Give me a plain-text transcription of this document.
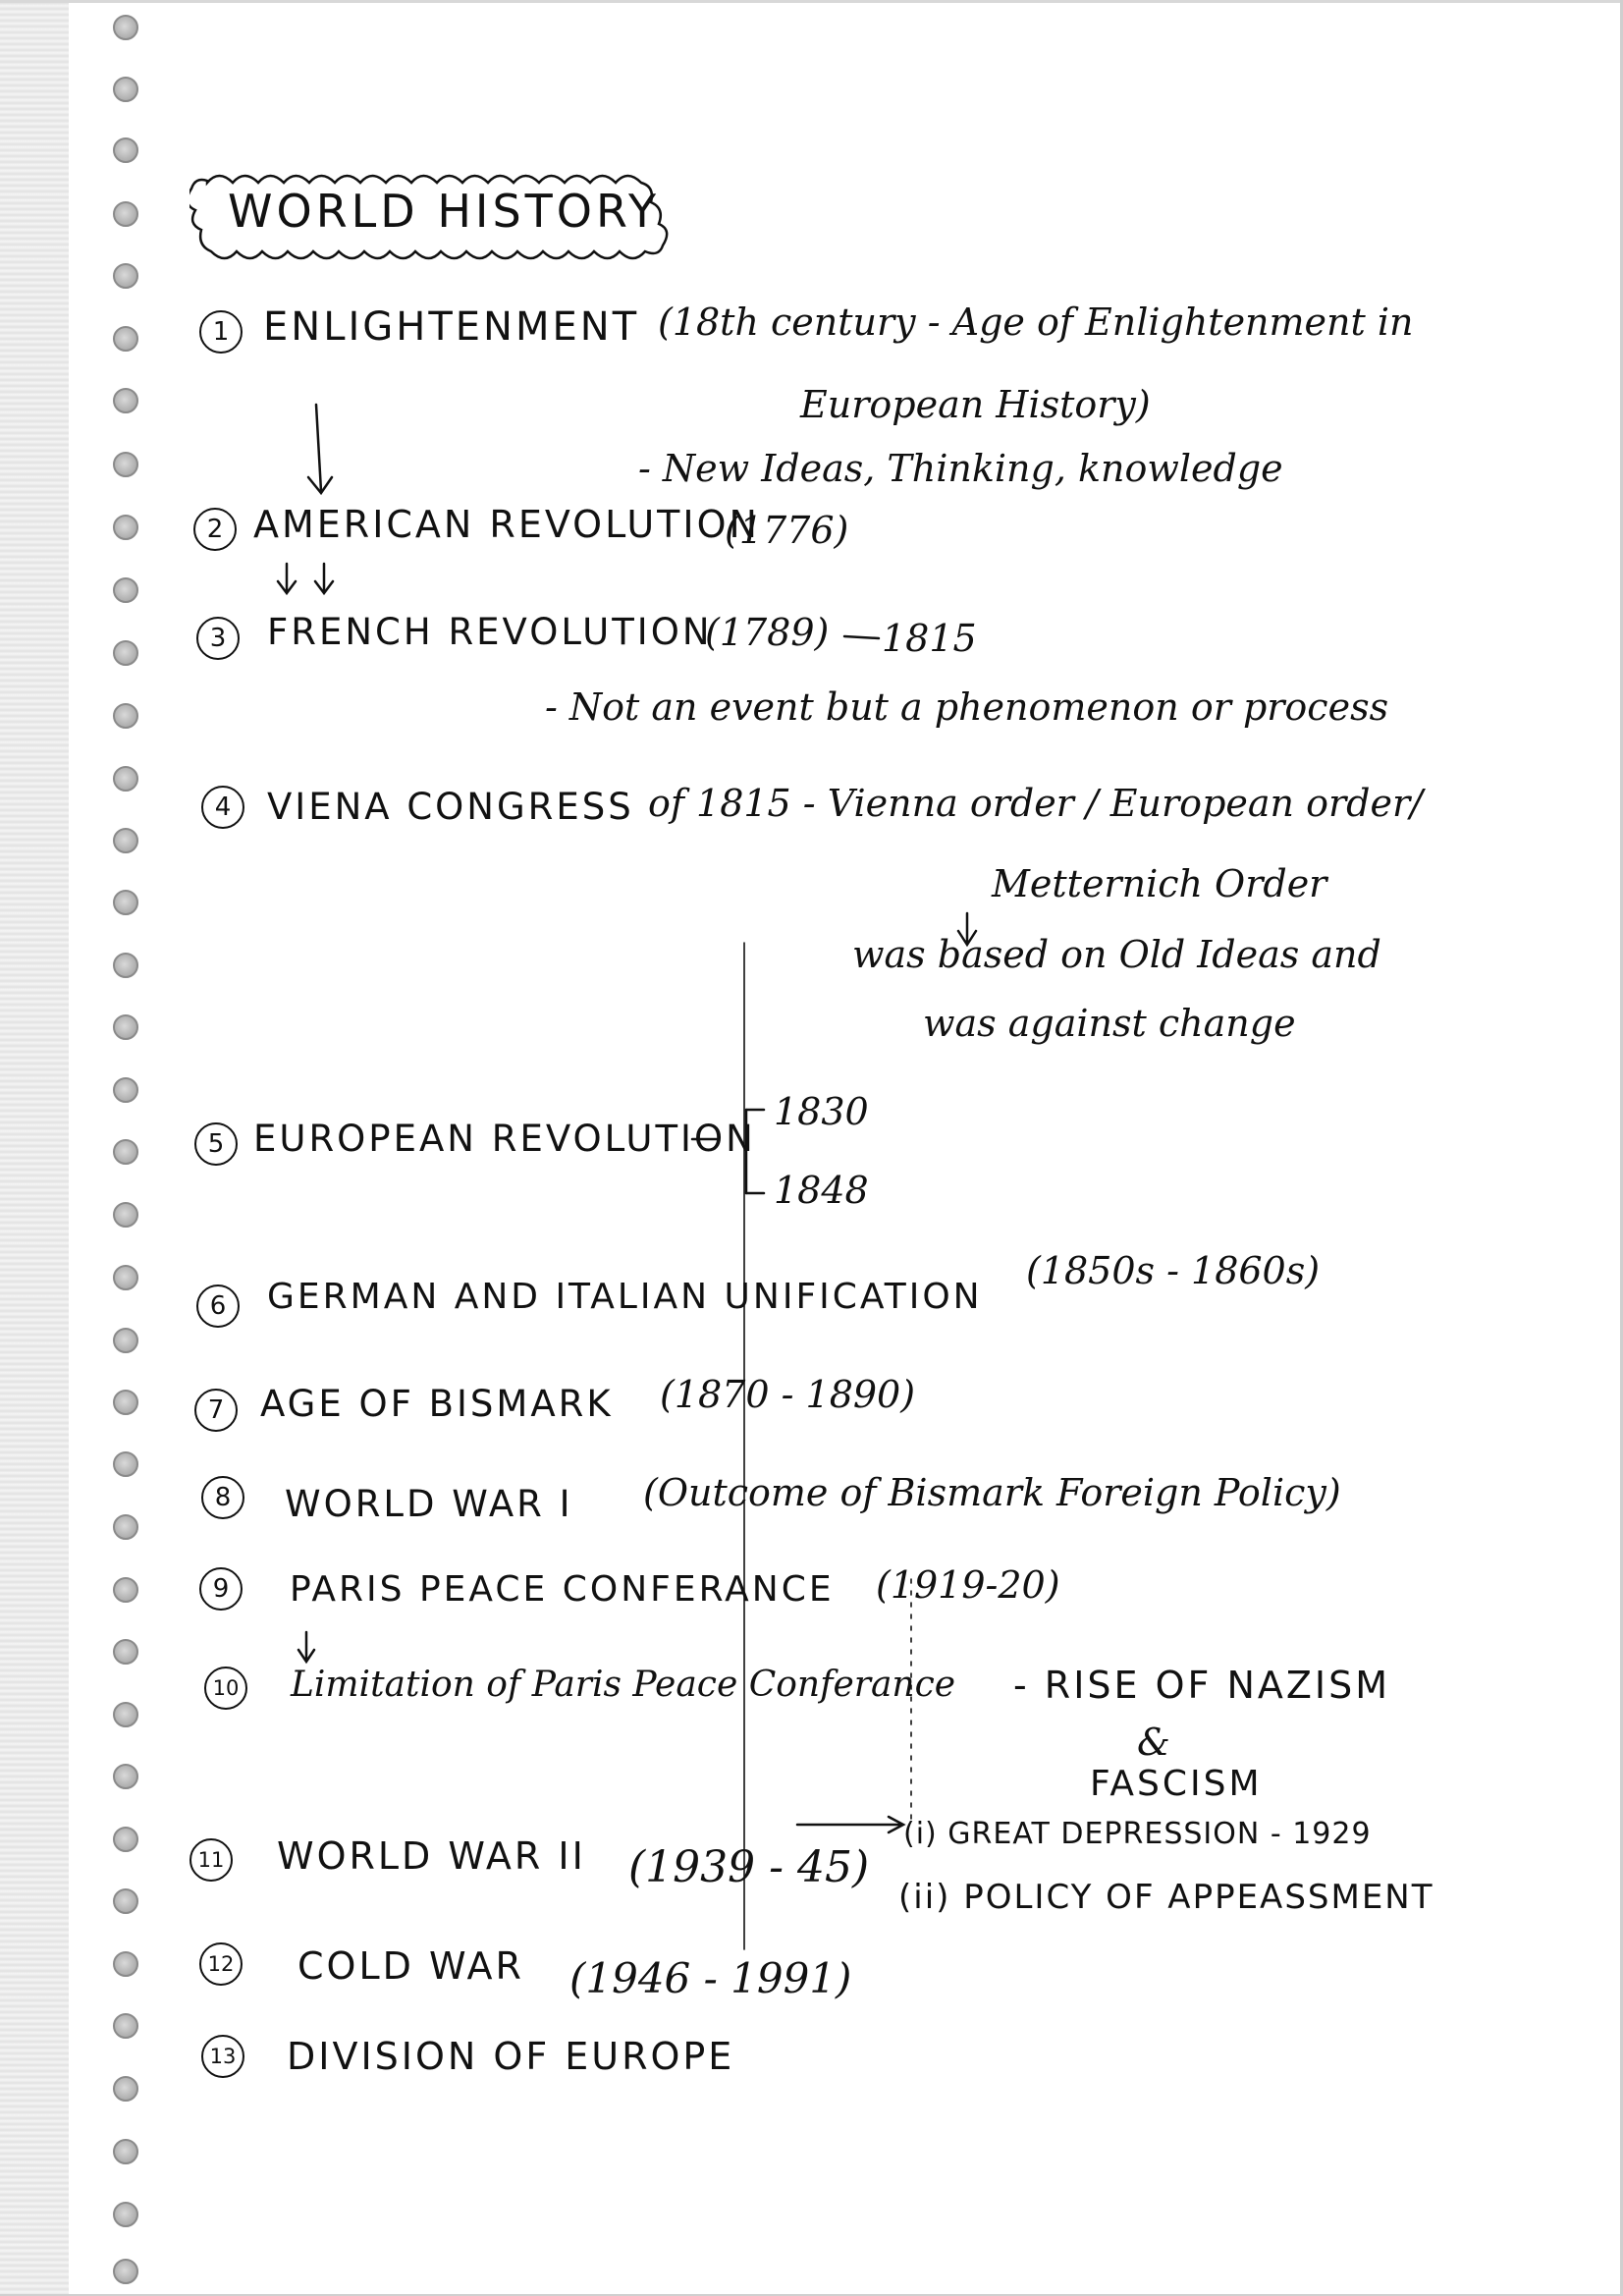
WORLD HISTORY
1 ENLIGHTENMENT (18th century - Age of Enlightenment in
European History)
- New Ideas, Thinking, knowledge
2 AMERICAN REVOLUTION
(1776)
3	FRENCH REVOLUTION
(1789) 1815
- Not an event but a phenomenon or process
4 VIENA CONGRESS of 1815 - Vienna order / European order/
Metternich Order
was based on Old Ideas and
was against change
5 EUROPEAN REVOLUTION
1830
1848
6	GERMAN AND ITALIAN UNIFICATION
(1850s - 1860s)
7 AGE OF BISMARK (1870 - 1890)
8	WORLD WAR I (Outcome of Bismark Foreign Policy)
9	PARIS PEACE CONFERANCE (1919-20)
10 Limitation of Paris Peace Conferance - RISE OF NAZISM
&
FASCISM
11 WORLD WAR II (1939 - 45)
(i) GREAT DEPRESSION - 1929
(ii) POLICY OF APPEASSMENT
12 COLD WAR (1946 - 1991)
13 DIVISION OF EUROPE
